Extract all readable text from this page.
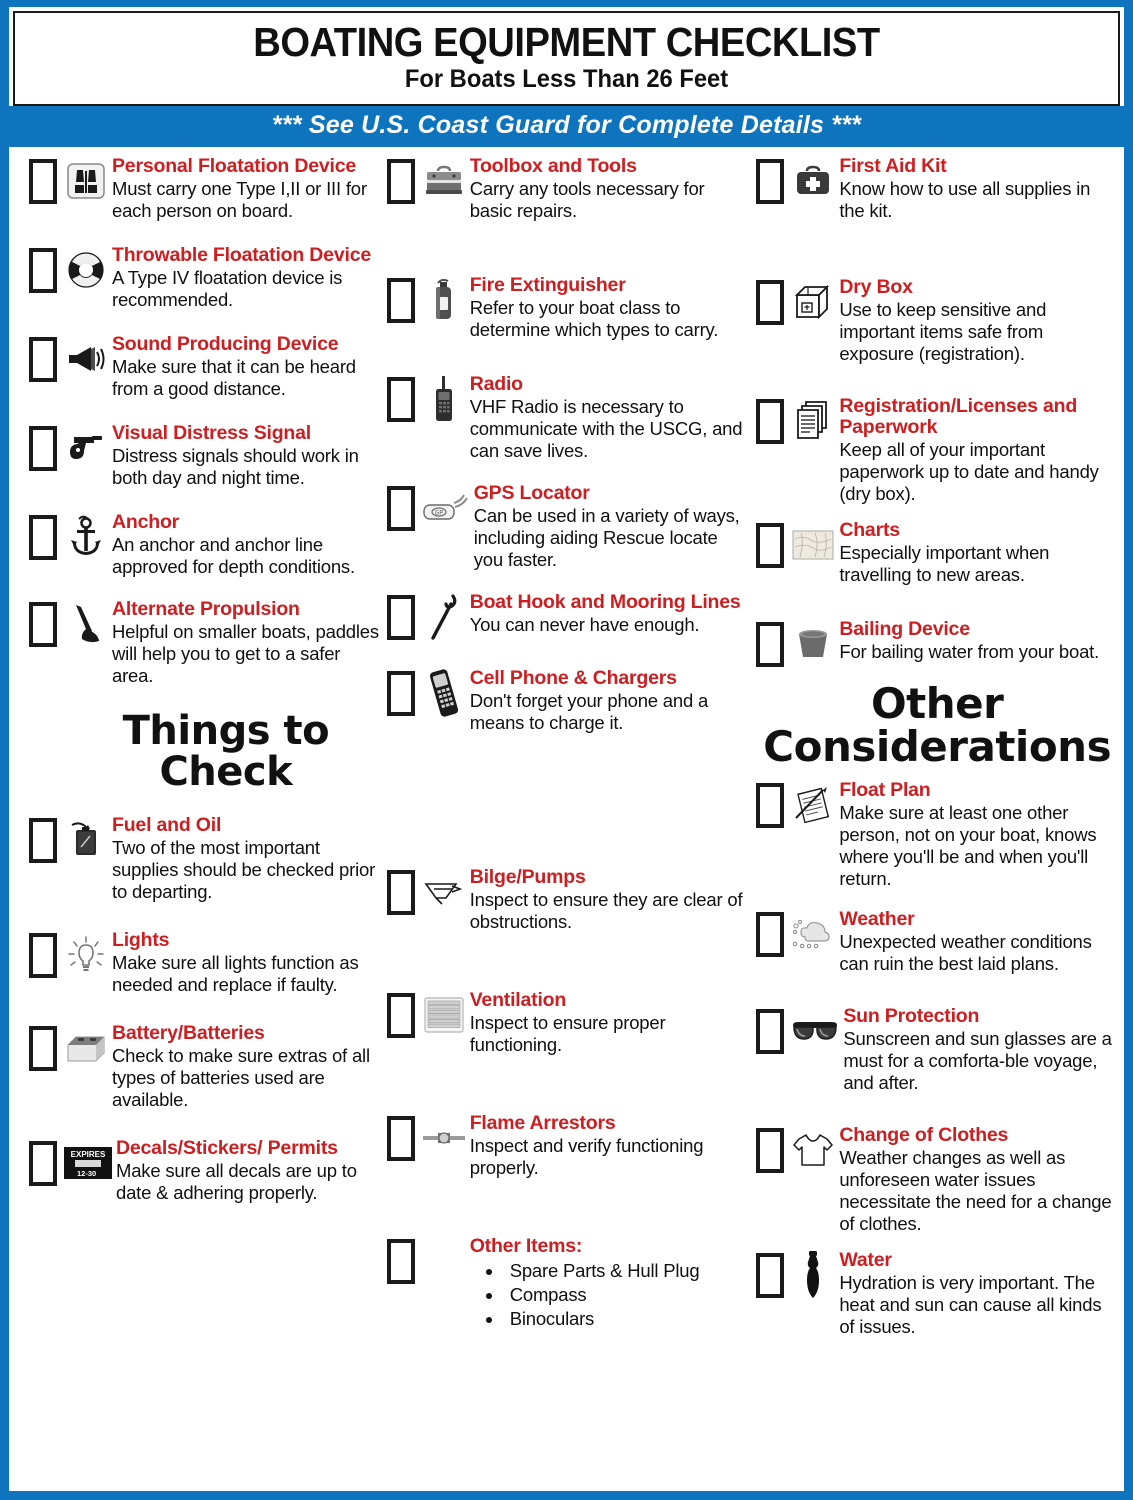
BOATING EQUIPMENT CHECKLIST
For Boats Less Than 26 Feet
*** See U.S. Coast Guard for Complete Details ***
Personal Floatation Device
Must carry one Type I,II or III for each person on board.
Throwable Floatation Device
A Type IV floatation device is recommended.
Sound Producing Device
Make sure that it can be heard from a good distance.
Visual Distress Signal
Distress signals should work in both day and night time.
Anchor
An anchor and anchor line approved for depth conditions.
Alternate Propulsion
Helpful on smaller boats, paddles will help you to get to a safer area.
Things to Check
Fuel and Oil
Two of the most important supplies should be checked prior to departing.
Lights
Make sure all lights function as needed and replace if faulty.
Battery/Batteries
Check to make sure extras of all types of batteries used are available.
EXPIRES
12-30
Decals/Stickers/ Permits
Make sure all decals are up to date & adhering properly.
Toolbox and Tools
Carry any tools necessary for basic repairs.
Fire Extinguisher
Refer to your boat class to determine which types to carry.
Radio
VHF Radio is necessary to communicate with the USCG, and can save lives.
GP
GPS Locator
Can be used in a variety of ways, including aiding Rescue locate you faster.
Boat Hook and Mooring Lines
You can never have enough.
Cell Phone & Chargers
Don't forget your phone and a means to charge it.
Bilge/Pumps
Inspect to ensure they are clear of obstructions.
Ventilation
Inspect to ensure proper functioning.
Flame Arrestors
Inspect and verify functioning properly.
Other Items:
• Spare Parts & Hull Plug
• Compass
• Binoculars
First Aid Kit
Know how to use all supplies in the kit.
Dry Box
Use to keep sensitive and important items safe from exposure (registration).
Registration/Licenses and Paperwork
Keep all of your important paperwork up to date and handy (dry box).
Charts
Especially important when travelling to new areas.
Bailing Device
For bailing water from your boat.
Other
Considerations
Float Plan
Make sure at least one other person, not on your boat, knows where you'll be and when you'll return.
Weather
Unexpected weather conditions can ruin the best laid plans.
Sun Protection
Sunscreen and sun glasses are a must for a comforta-ble voyage, and after.
Change of Clothes
Weather changes as well as unforeseen water issues necessitate the need for a change of clothes.
Water
Hydration is very important. The heat and sun can cause all kinds of issues.
